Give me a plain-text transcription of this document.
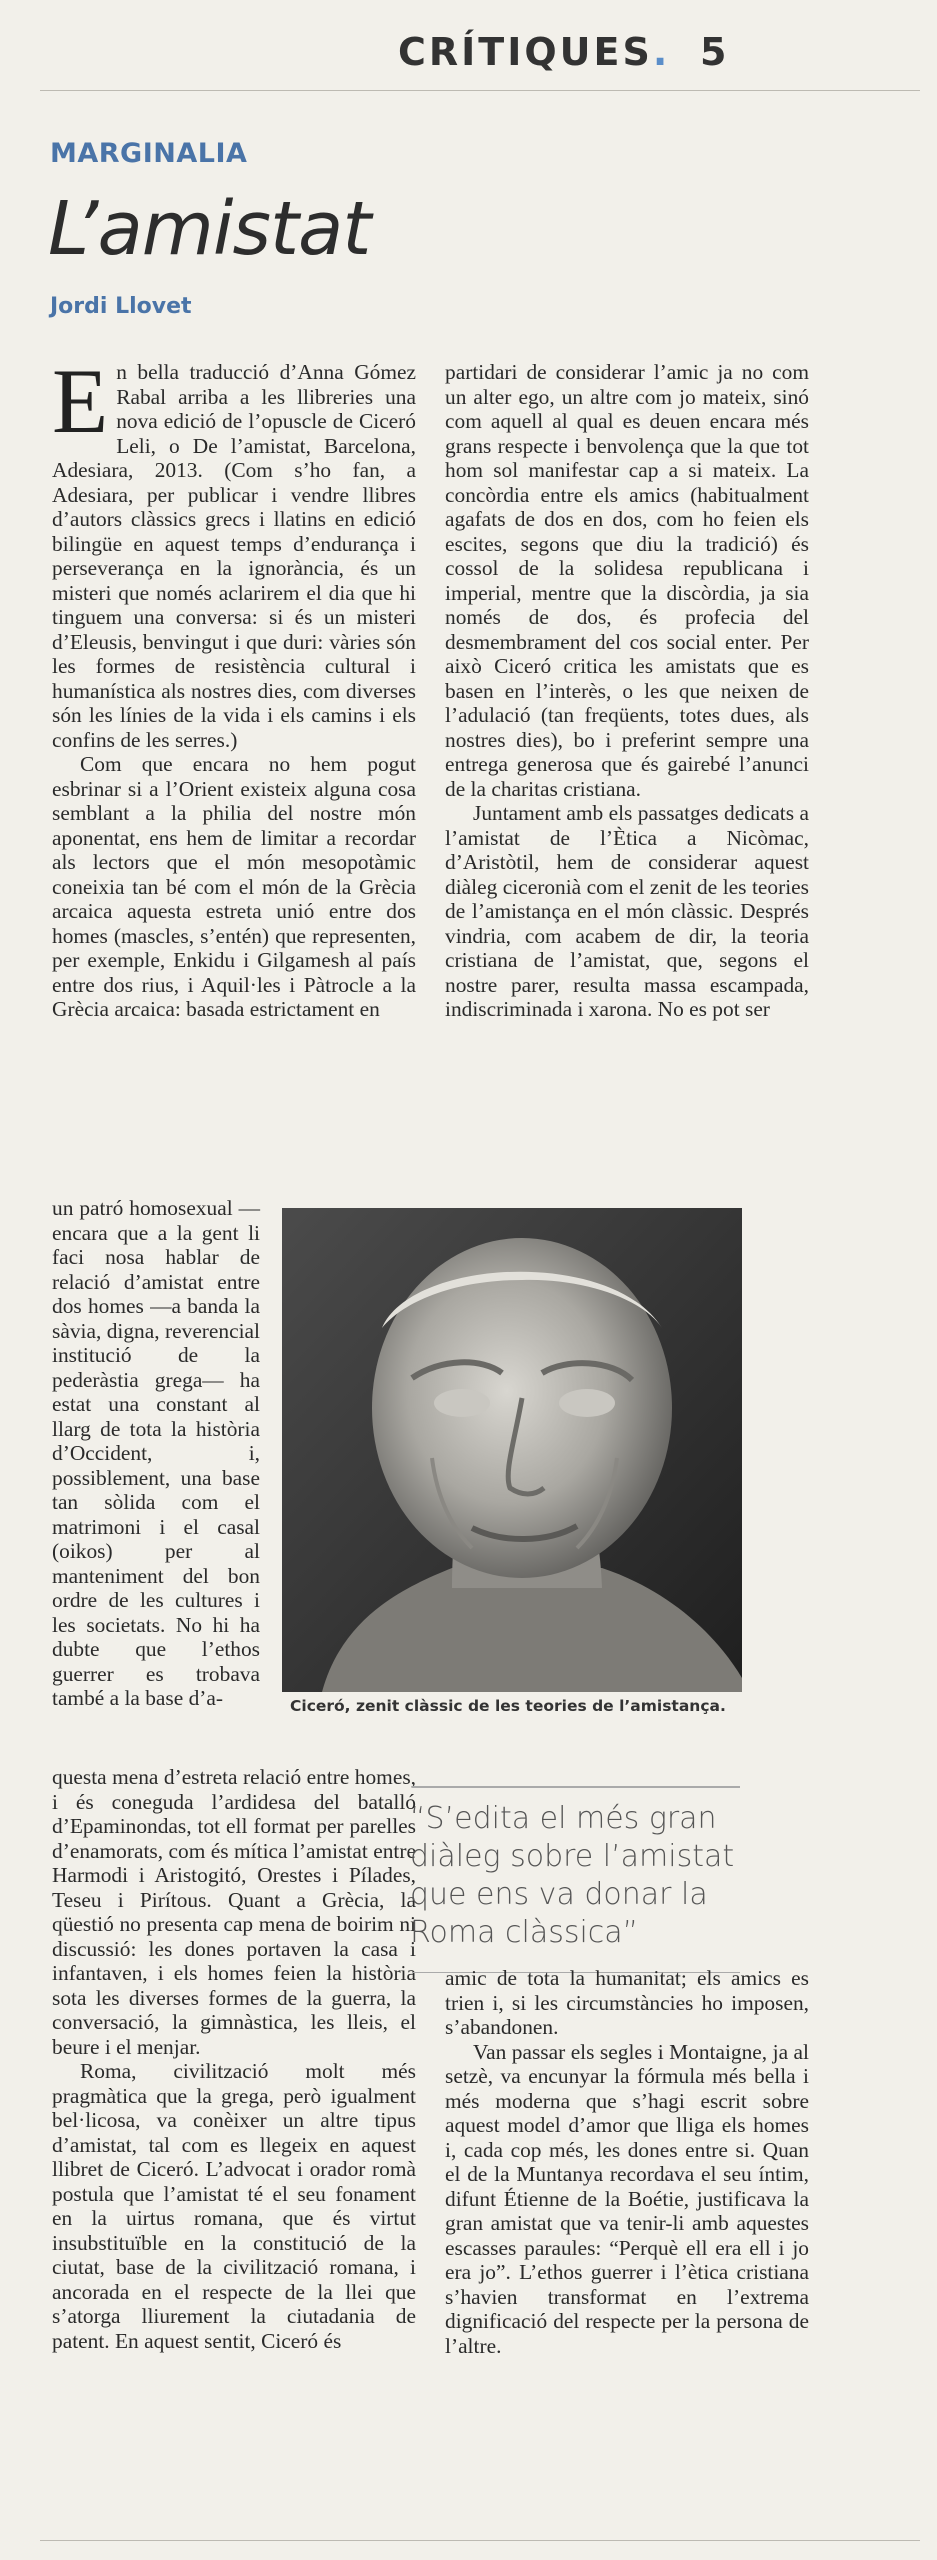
CRÍTIQUES. 5
MARGINALIA
L’amistat
Jordi Llovet

En bella traducció d’Anna Gómez Rabal arriba a les llibreries una nova edició de l’opuscle de Ciceró Leli, o De l’amistat, Barcelona, Adesiara, 2013. (Com s’ho fan, a Adesiara, per publicar i vendre llibres d’autors clàssics grecs i llatins en edició bilingüe en aquest temps d’endurança i perseverança en la ignorància, és un misteri que només aclarirem el dia que hi tinguem una conversa: si és un misteri d’Eleusis, benvingut i que duri: vàries són les formes de resistència cultural i humanística als nostres dies, com diverses són les línies de la vida i els camins i els confins de les serres.)

Com que encara no hem pogut esbrinar si a l’Orient existeix alguna cosa semblant a la philia del nostre món aponentat, ens hem de limitar a recordar als lectors que el món mesopotàmic coneixia tan bé com el món de la Grècia arcaica aquesta estreta unió entre dos homes (mascles, s’entén) que representen, per exemple, Enkidu i Gilgamesh al país entre dos rius, i Aquil·les i Pàtrocle a la Grècia arcaica: basada estrictament en

partidari de considerar l’amic ja no com un alter ego, un altre com jo mateix, sinó com aquell al qual es deuen encara més grans respecte i benvolença que la que tot hom sol manifestar cap a si mateix. La concòrdia entre els amics (habitualment agafats de dos en dos, com ho feien els escites, segons que diu la tradició) és cossol de la solidesa republicana i imperial, mentre que la discòrdia, ja sia només de dos, és profecia del desmembrament del cos social enter. Per això Ciceró critica les amistats que es basen en l’interès, o les que neixen de l’adulació (tan freqüents, totes dues, als nostres dies), bo i preferint sempre una entrega generosa que és gairebé l’anunci de la charitas cristiana.

Juntament amb els passatges dedicats a l’amistat de l’Ètica a Nicòmac, d’Aristòtil, hem de considerar aquest diàleg ciceronià com el zenit de les teories de l’amistança en el món clàssic. Després vindria, com acabem de dir, la teoria cristiana de l’amistat, que, segons el nostre parer, resulta massa escampada, indiscriminada i xarona. No es pot ser

un patró homosexual —encara que a la gent li faci nosa hablar de relació d’amistat entre dos homes —a banda la sàvia, digna, reverencial institució de la pederàstia grega— ha estat una constant al llarg de tota la història d’Occident, i, possiblement, una base tan sòlida com el matrimoni i el casal (oikos) per al manteniment del bon ordre de les cultures i les societats. No hi ha dubte que l’ethos guerrer es trobava també a la base d’a-	Ciceró, zenit clàssic de les teories de l’amistança.

questa mena d’estreta relació entre homes, i és coneguda l’ardidesa del batalló d’Epaminondas, tot ell format per parelles d’enamorats, com és mítica l’amistat entre Harmodi i Aristogitó, Orestes i Pílades, Teseu i Pirítous. Quant a Grècia, la qüestió no presenta cap mena de boirim ni discussió: les dones portaven la casa i infantaven, i els homes feien la història sota les diverses formes de la guerra, la conversació, la gimnàstica, les lleis, el beure i el menjar.

Roma, civilització molt més pragmàtica que la grega, però igualment bel·licosa, va conèixer un altre tipus d’amistat, tal com es llegeix en aquest llibret de Ciceró. L’advocat i orador romà postula que l’amistat té el seu fonament en la uirtus romana, que és virtut insubstituïble en la constitució de la ciutat, base de la civilització romana, i ancorada en el respecte de la llei que s’atorga lliurement la ciutadania de patent. En aquest sentit, Ciceró és

“S’edita el més gran diàleg sobre l’amistat que ens va donar la Roma clàssica”

amic de tota la humanitat; els amics es trien i, si les circumstàncies ho imposen, s’abandonen.

Van passar els segles i Montaigne, ja al setzè, va encunyar la fórmula més bella i més moderna que s’hagi escrit sobre aquest model d’amor que lliga els homes i, cada cop més, les dones entre si. Quan el de la Muntanya recordava el seu íntim, difunt Étienne de la Boétie, justificava la gran amistat que va tenir-li amb aquestes escasses paraules: “Perquè ell era ell i jo era jo”. L’ethos guerrer i l’ètica cristiana s’havien transformat en l’extrema dignificació del respecte per la persona de l’altre.
